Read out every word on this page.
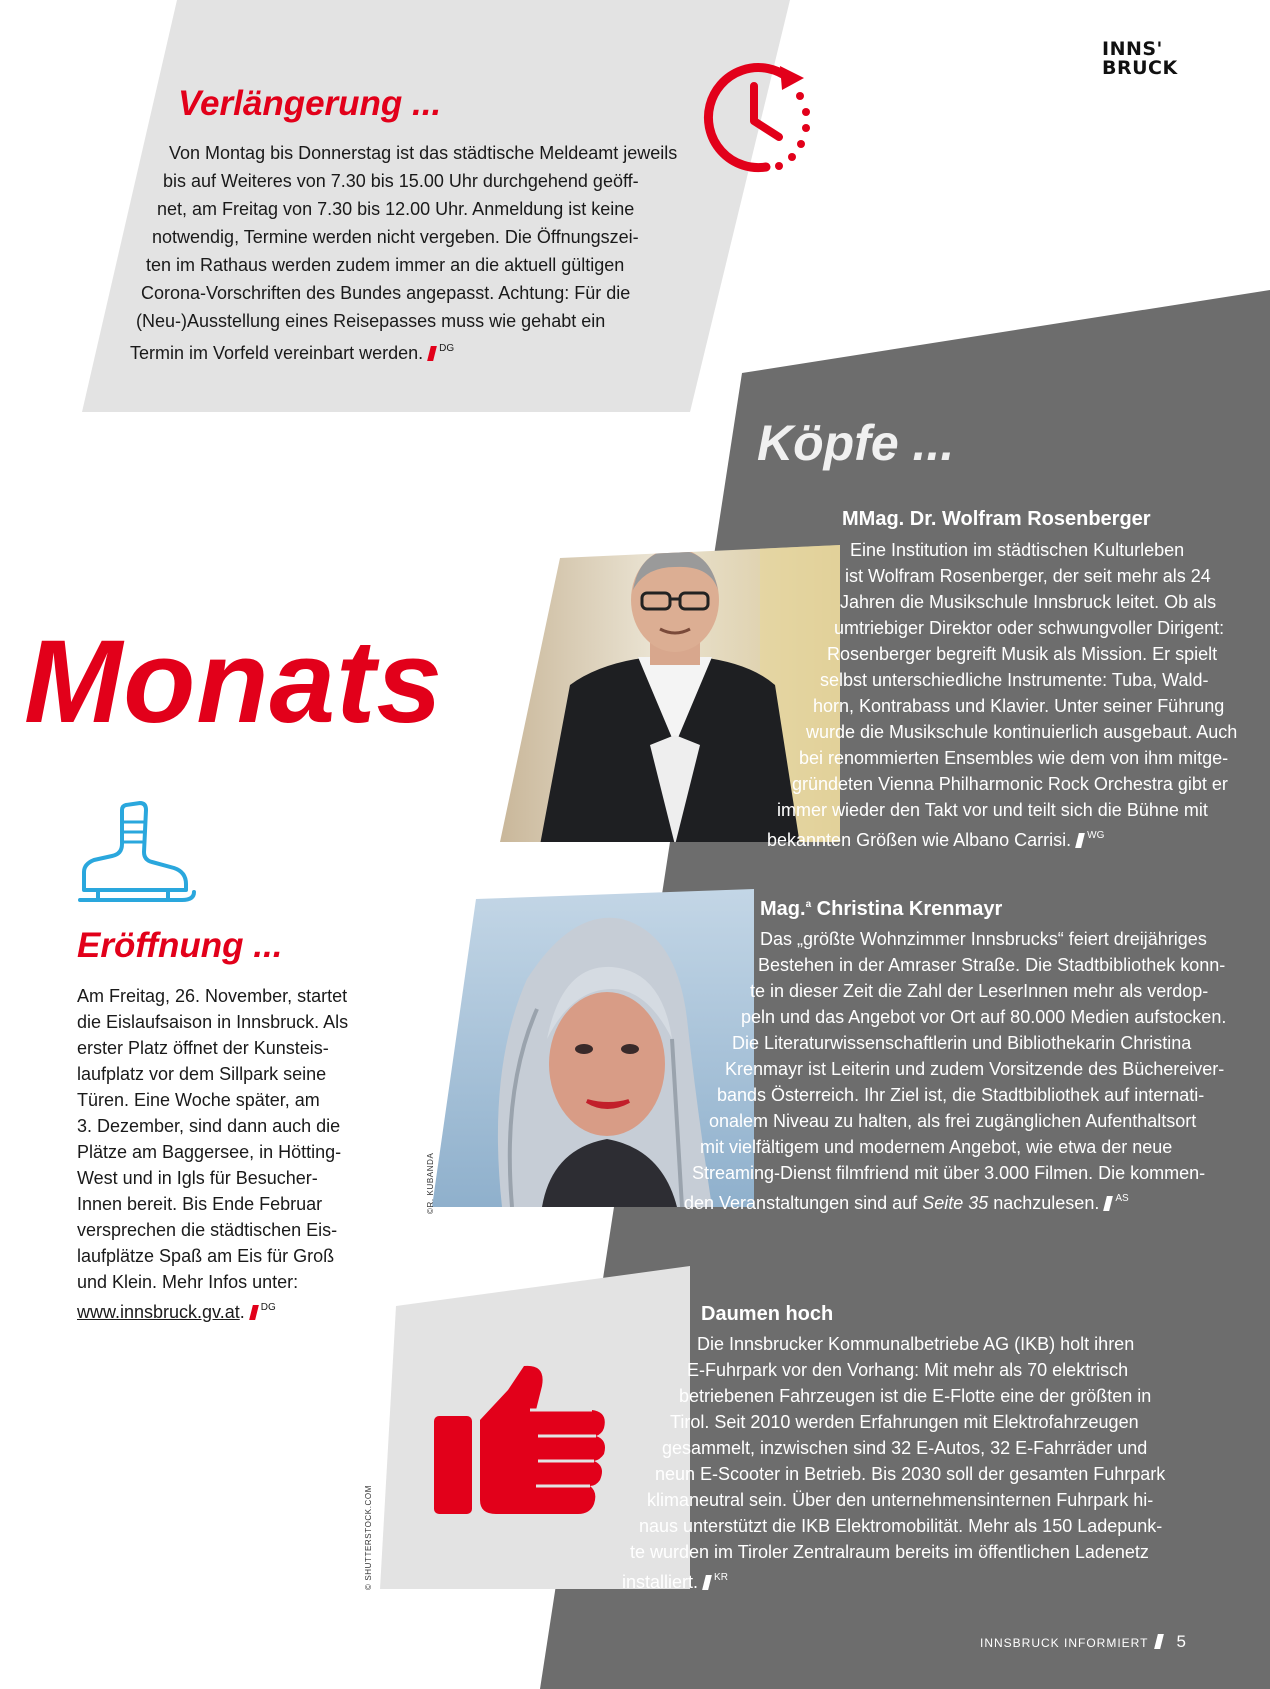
INNS'
BRUCK
Verlängerung ...
Von Montag bis Donnerstag ist das städtische Meldeamt jeweils
bis auf Weiteres von 7.30 bis 15.00 Uhr durchgehend geöff-
net, am Freitag von 7.30 bis 12.00 Uhr. Anmeldung ist keine
notwendig, Termine werden nicht vergeben. Die Öffnungszei-
ten im Rathaus werden zudem immer an die aktuell gültigen
Corona-Vorschriften des Bundes angepasst. Achtung: Für die
(Neu-)Ausstellung eines Reisepasses muss wie gehabt ein
Termin im Vorfeld vereinbart werden. $^{DG}$
Köpfe ...
Monats
© W. GIULIANI
MMag. Dr. Wolfram Rosenberger
Eine Institution im städtischen Kulturleben
ist Wolfram Rosenberger, der seit mehr als 24
Jahren die Musikschule Innsbruck leitet. Ob als
umtriebiger Direktor oder schwungvoller Dirigent:
Rosenberger begreift Musik als Mission. Er spielt
selbst unterschiedliche Instrumente: Tuba, Wald-
horn, Kontrabass und Klavier. Unter seiner Führung
wurde die Musikschule kontinuierlich ausgebaut. Auch
bei renommierten Ensembles wie dem von ihm mitge-
gründeten Vienna Philharmonic Rock Orchestra gibt er
immer wieder den Takt vor und teilt sich die Bühne mit
bekannten Größen wie Albano Carrisi. $^{WG}$
©R. KUBANDA
Mag.$^a$ Christina Krenmayr
Das „größte Wohnzimmer Innsbrucks“ feiert dreijähriges
Bestehen in der Amraser Straße. Die Stadtbibliothek konn-
te in dieser Zeit die Zahl der LeserInnen mehr als verdop-
peln und das Angebot vor Ort auf 80.000 Medien aufstocken.
Die Literaturwissenschaftlerin und Bibliothekarin Christina
Krenmayr ist Leiterin und zudem Vorsitzende des Büchereiver-
bands Österreich. Ihr Ziel ist, die Stadtbibliothek auf internati-
onalem Niveau zu halten, als frei zugänglichen Aufenthaltsort
mit vielfältigem und modernem Angebot, wie etwa der neue
Streaming-Dienst filmfriend mit über 3.000 Filmen. Die kommen-
den Veranstaltungen sind auf Seite 35 nachzulesen. $^{AS}$
Eröffnung ...
Am Freitag, 26. November, startet
die Eislaufsaison in Innsbruck. Als
erster Platz öffnet der Kunsteis-
laufplatz vor dem Sillpark seine
Türen. Eine Woche später, am
3. Dezember, sind dann auch die
Plätze am Baggersee, in Hötting-
West und in Igls für Besucher-
Innen bereit. Bis Ende Februar
versprechen die städtischen Eis-
laufplätze Spaß am Eis für Groß
und Klein. Mehr Infos unter:
www.innsbruck.gv.at. $^{DG}$
© SHUTTERSTOCK.COM
Daumen hoch
Die Innsbrucker Kommunalbetriebe AG (IKB) holt ihren
E-Fuhrpark vor den Vorhang: Mit mehr als 70 elektrisch
betriebenen Fahrzeugen ist die E-Flotte eine der größten in
Tirol. Seit 2010 werden Erfahrungen mit Elektrofahrzeugen
gesammelt, inzwischen sind 32 E-Autos, 32 E-Fahrräder und
neun E-Scooter in Betrieb. Bis 2030 soll der gesamten Fuhrpark
klimaneutral sein. Über den unternehmensinternen Fuhrpark hi-
naus unterstützt die IKB Elektromobilität. Mehr als 150 Ladepunk-
te wurden im Tiroler Zentralraum bereits im öffentlichen Ladenetz
installiert. $^{KR}$
INNSBRUCK INFORMIERT 5
